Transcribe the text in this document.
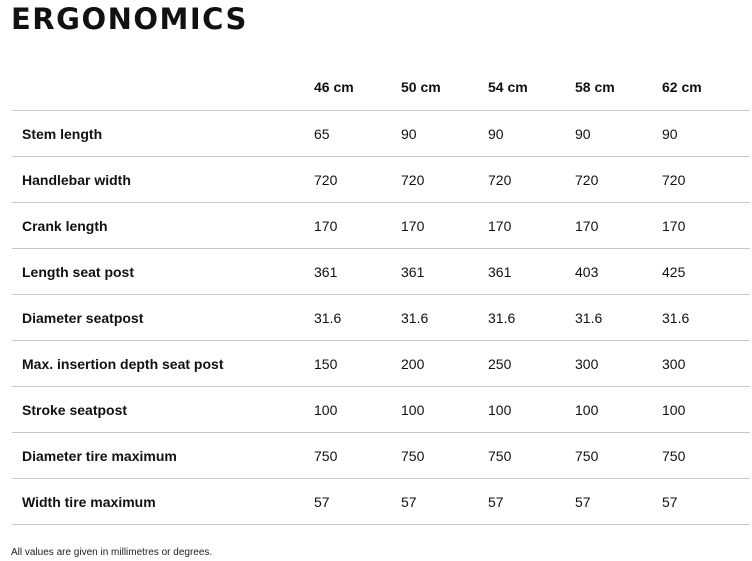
ERGONOMICS
	46 cm	50 cm	54 cm	58 cm	62 cm
Stem length	65	90	90	90	90
Handlebar width	720	720	720	720	720
Crank length	170	170	170	170	170
Length seat post	361	361	361	403	425
Diameter seatpost	31.6	31.6	31.6	31.6	31.6
Max. insertion depth seat post	150	200	250	300	300
Stroke seatpost	100	100	100	100	100
Diameter tire maximum	750	750	750	750	750
Width tire maximum	57	57	57	57	57

All values are given in millimetres or degrees.
